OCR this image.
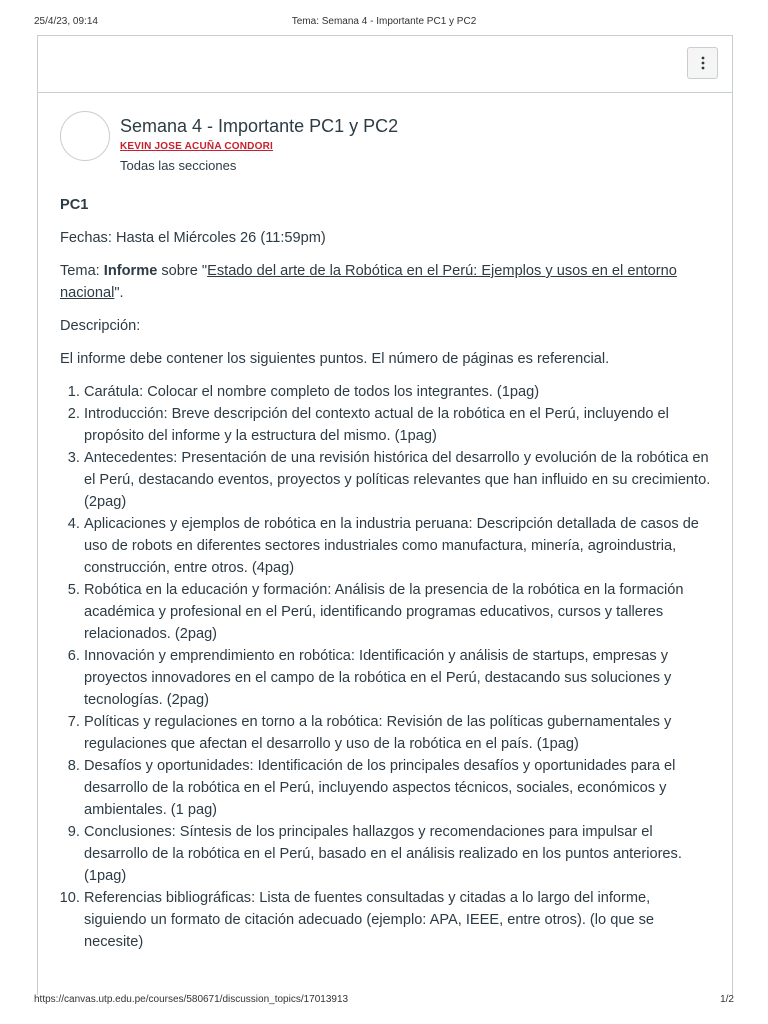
25/4/23, 09:14	Tema: Semana 4 - Importante PC1 y PC2
Semana 4 - Importante PC1 y PC2
KEVIN JOSE ACUÑA CONDORI
Todas las secciones

PC1

Fechas: Hasta el Miércoles 26 (11:59pm)

Tema: Informe sobre "Estado del arte de la Robótica en el Perú: Ejemplos y usos en el entorno nacional".

Descripción:

El informe debe contener los siguientes puntos. El número de páginas es referencial.

1. Carátula: Colocar el nombre completo de todos los integrantes. (1pag)
2. Introducción: Breve descripción del contexto actual de la robótica en el Perú, incluyendo el propósito del informe y la estructura del mismo. (1pag)
3. Antecedentes: Presentación de una revisión histórica del desarrollo y evolución de la robótica en el Perú, destacando eventos, proyectos y políticas relevantes que han influido en su crecimiento. (2pag)
4. Aplicaciones y ejemplos de robótica en la industria peruana: Descripción detallada de casos de uso de robots en diferentes sectores industriales como manufactura, minería, agroindustria, construcción, entre otros. (4pag)
5. Robótica en la educación y formación: Análisis de la presencia de la robótica en la formación académica y profesional en el Perú, identificando programas educativos, cursos y talleres relacionados. (2pag)
6. Innovación y emprendimiento en robótica: Identificación y análisis de startups, empresas y proyectos innovadores en el campo de la robótica en el Perú, destacando sus soluciones y tecnologías. (2pag)
7. Políticas y regulaciones en torno a la robótica: Revisión de las políticas gubernamentales y regulaciones que afectan el desarrollo y uso de la robótica en el país. (1pag)
8. Desafíos y oportunidades: Identificación de los principales desafíos y oportunidades para el desarrollo de la robótica en el Perú, incluyendo aspectos técnicos, sociales, económicos y ambientales. (1 pag)
9. Conclusiones: Síntesis de los principales hallazgos y recomendaciones para impulsar el desarrollo de la robótica en el Perú, basado en el análisis realizado en los puntos anteriores. (1pag)
10. Referencias bibliográficas: Lista de fuentes consultadas y citadas a lo largo del informe, siguiendo un formato de citación adecuado (ejemplo: APA, IEEE, entre otros). (lo que se necesite)
https://canvas.utp.edu.pe/courses/580671/discussion_topics/17013913	1/2
